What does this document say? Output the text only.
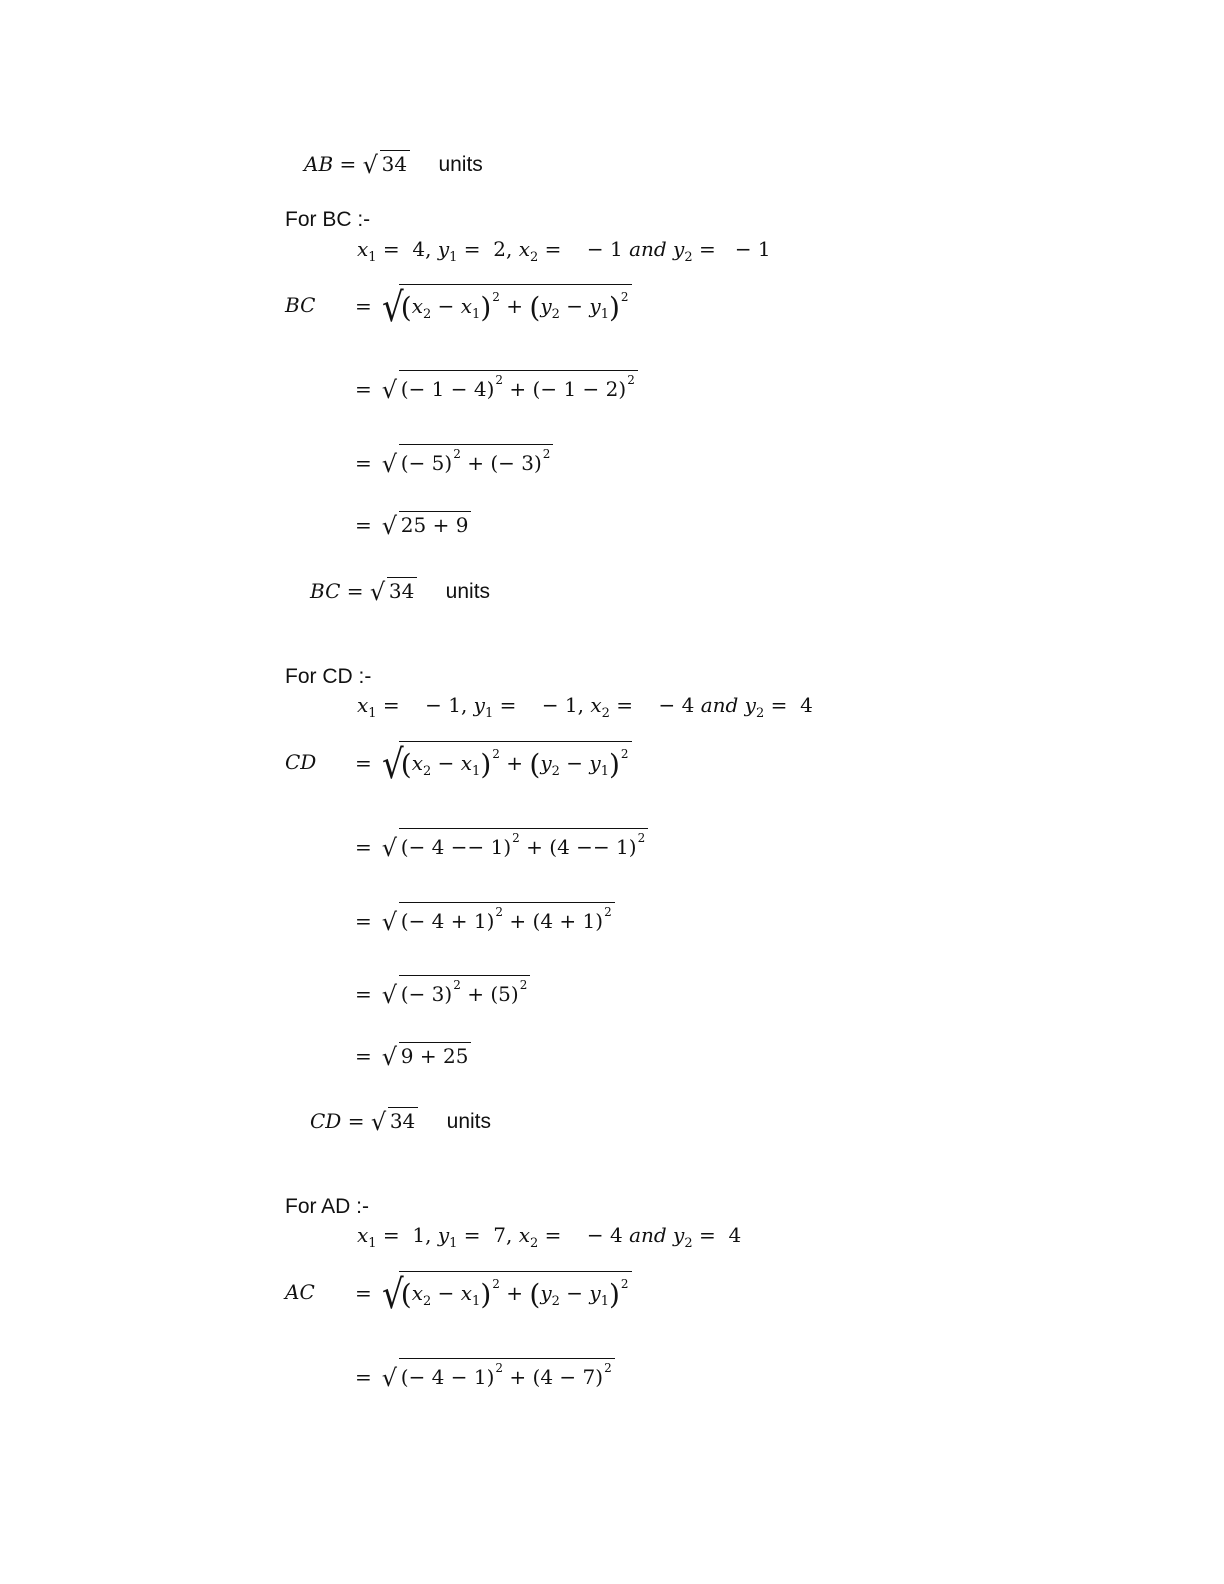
AB = √ 34 units
For BC :-
$x_1 = 4$, $y_1 = 2$, $x_2$ =    − 1 and $y_2$ =   − 1
BC = √
$(x_2 - x_1)^2 + (y_2 - y_1)^2$
= √ (− 1 − 4)$^2$ + (− 1 − 2)$^2$
= √ (− 5)$^2$ + (− 3)$^2$
= √ 25 + 9
BC = √ 34 units
For CD :-
$x_1$ =    − 1, $y_1$ =    − 1, $x_2$ =    − 4 and $y_2 = 4$
CD = √
$(x_2 - x_1)^2 + (y_2 - y_1)^2$
= √ (− $4 -- 1)^2 + (4 -- 1)^2$
= √ (− $4 + 1)^2 + (4 + 1)^2$
= √ (− $3)^2 + (5)^2$
= √ 9 + 25
CD = √ 34 units
For AD :-
$x_1 = 1$, $y_1 = 7$, $x_2$ =    − 4 and $y_2 = 4$
AC = √
$(x_2 - x_1)^2 + (y_2 - y_1)^2$
= √ (− $4 - 1)^2 + (4 - 7)^2$
